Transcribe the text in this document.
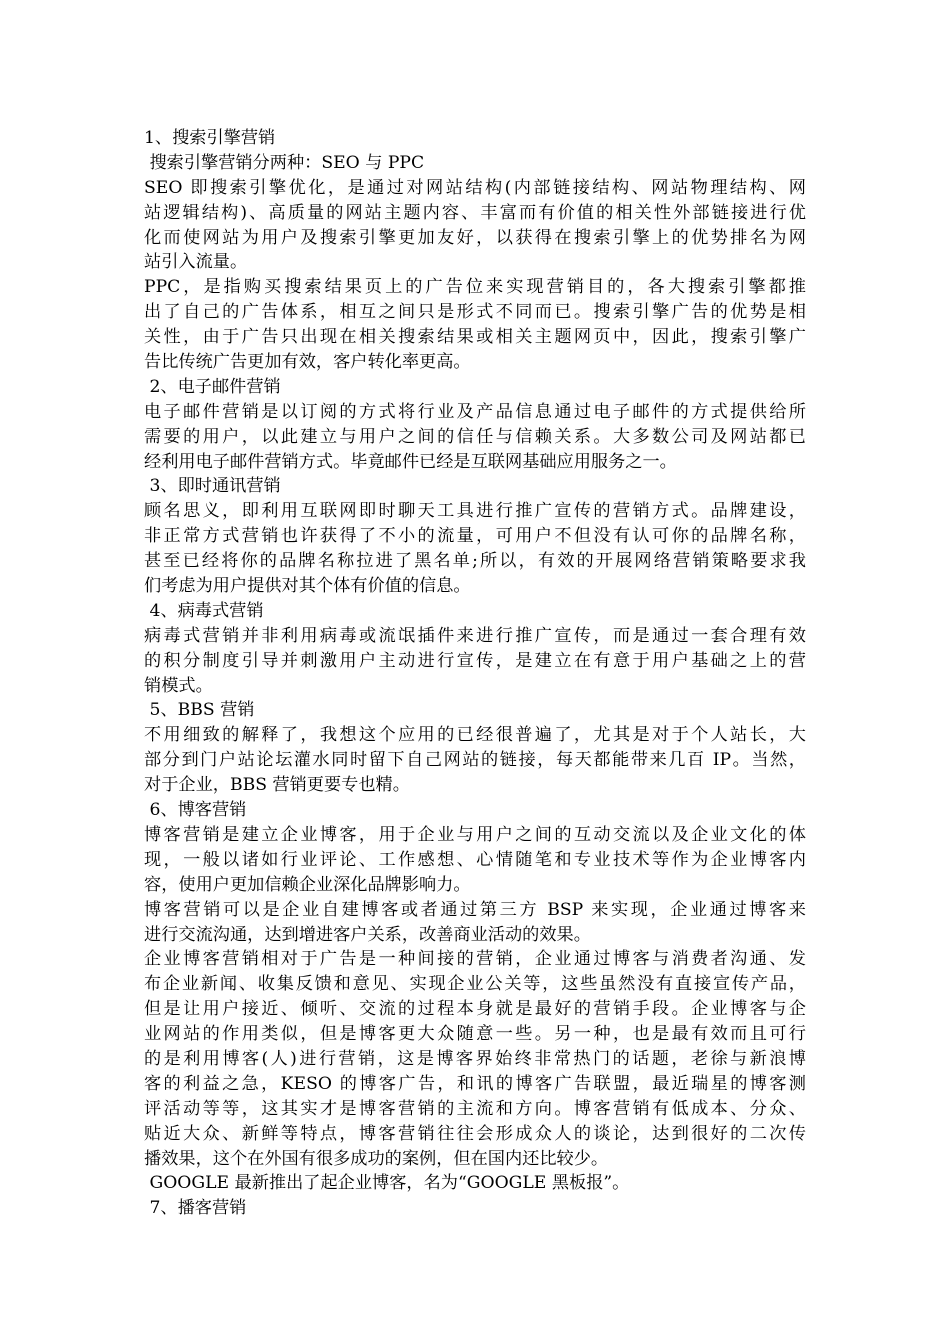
1、搜索引擎营销
搜索引擎营销分两种：SEO 与 PPC
SEO 即搜索引擎优化，是通过对网站结构(内部链接结构、网站物理结构、网
站逻辑结构)、高质量的网站主题内容、丰富而有价值的相关性外部链接进行优
化而使网站为用户及搜索引擎更加友好，以获得在搜索引擎上的优势排名为网
站引入流量。
PPC，是指购买搜索结果页上的广告位来实现营销目的，各大搜索引擎都推
出了自己的广告体系，相互之间只是形式不同而已。搜索引擎广告的优势是相
关性，由于广告只出现在相关搜索结果或相关主题网页中，因此，搜索引擎广
告比传统广告更加有效，客户转化率更高。
2、电子邮件营销
电子邮件营销是以订阅的方式将行业及产品信息通过电子邮件的方式提供给所
需要的用户，以此建立与用户之间的信任与信赖关系。大多数公司及网站都已
经利用电子邮件营销方式。毕竟邮件已经是互联网基础应用服务之一。
3、即时通讯营销
顾名思义，即利用互联网即时聊天工具进行推广宣传的营销方式。品牌建设，
非正常方式营销也许获得了不小的流量，可用户不但没有认可你的品牌名称，
甚至已经将你的品牌名称拉进了黑名单;所以，有效的开展网络营销策略要求我
们考虑为用户提供对其个体有价值的信息。
4、病毒式营销
病毒式营销并非利用病毒或流氓插件来进行推广宣传，而是通过一套合理有效
的积分制度引导并刺激用户主动进行宣传，是建立在有意于用户基础之上的营
销模式。
5、BBS 营销
不用细致的解释了，我想这个应用的已经很普遍了，尤其是对于个人站长，大
部分到门户站论坛灌水同时留下自己网站的链接，每天都能带来几百 IP。当然，
对于企业，BBS 营销更要专也精。
6、博客营销
博客营销是建立企业博客，用于企业与用户之间的互动交流以及企业文化的体
现，一般以诸如行业评论、工作感想、心情随笔和专业技术等作为企业博客内
容，使用户更加信赖企业深化品牌影响力。
博客营销可以是企业自建博客或者通过第三方 BSP 来实现，企业通过博客来
进行交流沟通，达到增进客户关系，改善商业活动的效果。
企业博客营销相对于广告是一种间接的营销，企业通过博客与消费者沟通、发
布企业新闻、收集反馈和意见、实现企业公关等，这些虽然没有直接宣传产品，
但是让用户接近、倾听、交流的过程本身就是最好的营销手段。企业博客与企
业网站的作用类似，但是博客更大众随意一些。另一种，也是最有效而且可行
的是利用博客(人)进行营销，这是博客界始终非常热门的话题，老徐与新浪博
客的利益之急，KESO 的博客广告，和讯的博客广告联盟，最近瑞星的博客测
评活动等等，这其实才是博客营销的主流和方向。博客营销有低成本、分众、
贴近大众、新鲜等特点，博客营销往往会形成众人的谈论，达到很好的二次传
播效果，这个在外国有很多成功的案例，但在国内还比较少。
GOOGLE 最新推出了起企业博客，名为“GOOGLE 黑板报”。
7、播客营销
